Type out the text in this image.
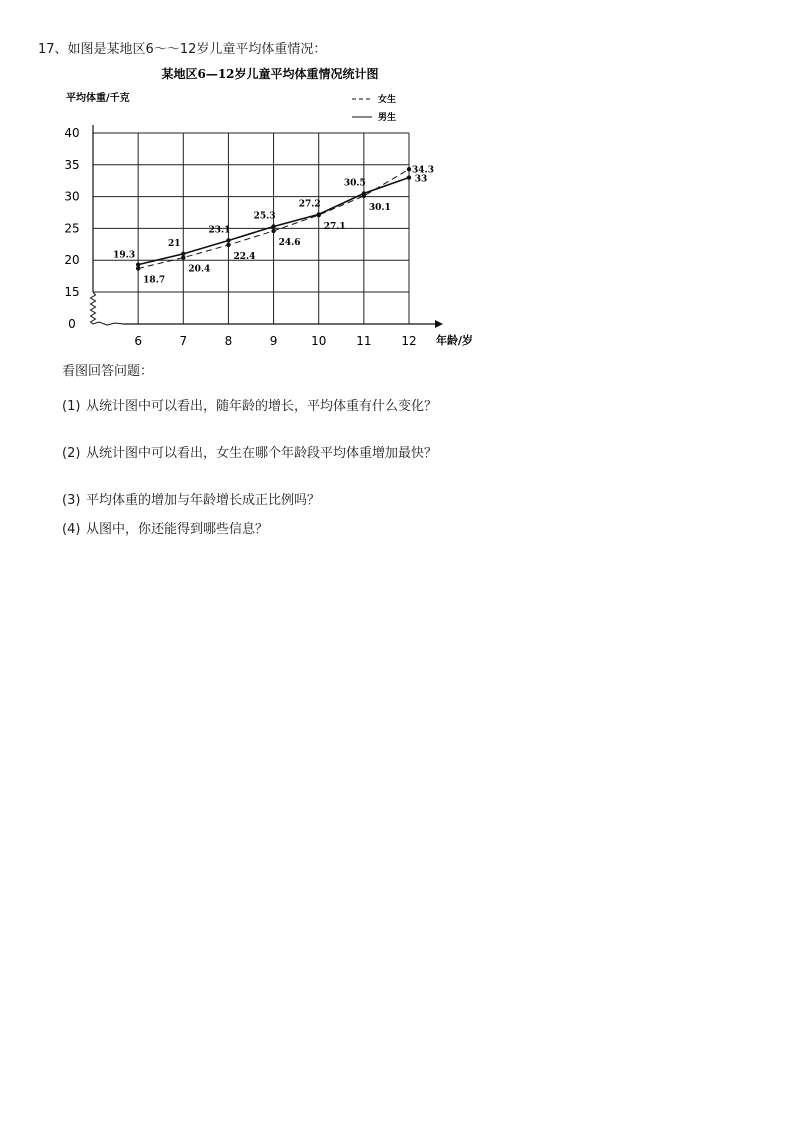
17、如图是某地区6～～12岁儿童平均体重情况：
某地区6—12岁儿童平均体重情况统计图
平均体重/千克
年龄/岁
女生
男生
40
35
30
25
20
15
0
6	7	8	9	10 11 12
19.3
21
23.1
25.3
27.2
30.5	33
18.7
20.4
22.4
24.6
27.1
30.1
34.3
看图回答问题：
(1) 从统计图中可以看出，随年龄的增长，平均体重有什么变化？
(2) 从统计图中可以看出，女生在哪个年龄段平均体重增加最快？
(3) 平均体重的增加与年龄增长成正比例吗？
(4) 从图中，你还能得到哪些信息？
